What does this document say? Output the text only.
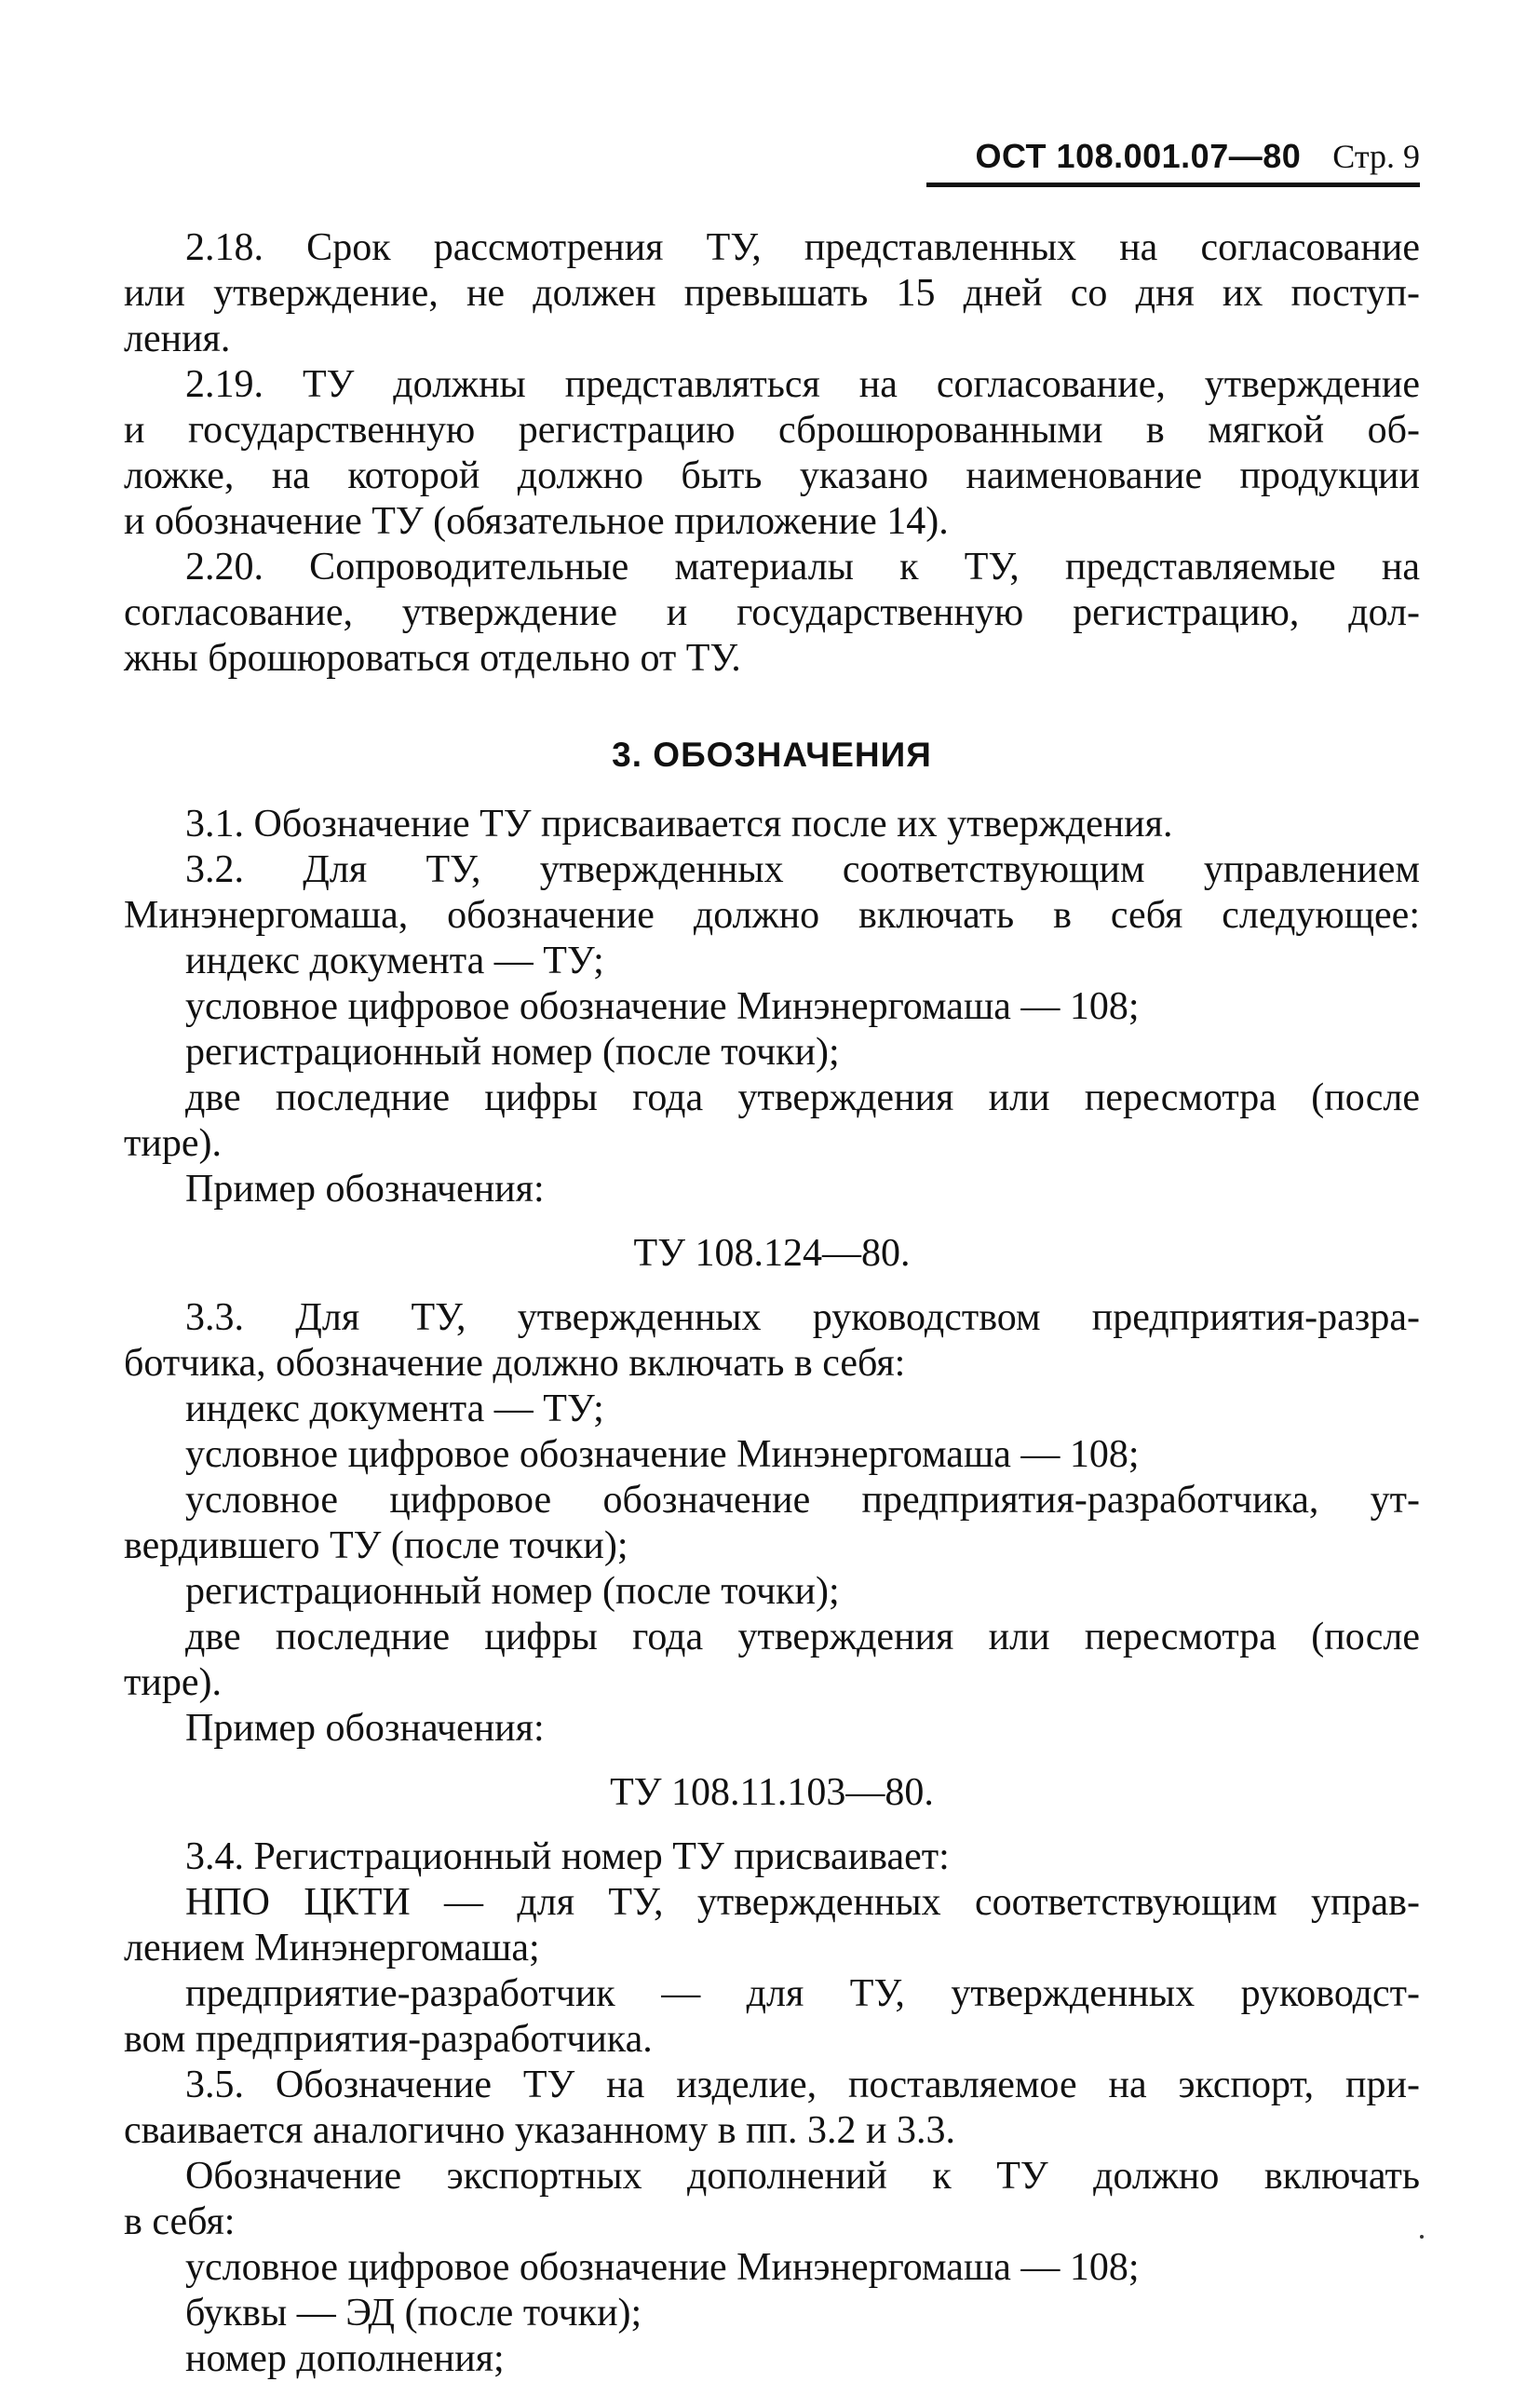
ОСТ 108.001.07—80 Стр. 9
2.18. Срок рассмотрения ТУ, представленных на согласование
или утверждение, не должен превышать 15 дней со дня их поступ-
ления.
2.19. ТУ должны представляться на согласование, утверждение
и государственную регистрацию сброшюрованными в мягкой об-
ложке, на которой должно быть указано наименование продукции
и обозначение ТУ (обязательное приложение 14).
2.20. Сопроводительные материалы к ТУ, представляемые на
согласование, утверждение и государственную регистрацию, дол-
жны брошюроваться отдельно от ТУ.
3. ОБОЗНАЧЕНИЯ
3.1. Обозначение ТУ присваивается после их утверждения.
3.2. Для ТУ, утвержденных соответствующим управлением
Минэнергомаша, обозначение должно включать в себя следующее:
индекс документа — ТУ;
условное цифровое обозначение Минэнергомаша — 108;
регистрационный номер (после точки);
две последние цифры года утверждения или пересмотра (после
тире).
Пример обозначения:
ТУ 108.124—80.
3.3. Для ТУ, утвержденных руководством предприятия-разра-
ботчика, обозначение должно включать в себя:
индекс документа — ТУ;
условное цифровое обозначение Минэнергомаша — 108;
условное цифровое обозначение предприятия-разработчика, ут-
вердившего ТУ (после точки);
регистрационный номер (после точки);
две последние цифры года утверждения или пересмотра (после
тире).
Пример обозначения:
ТУ 108.11.103—80.
3.4. Регистрационный номер ТУ присваивает:
НПО ЦКТИ — для ТУ, утвержденных соответствующим управ-
лением Минэнергомаша;
предприятие-разработчик — для ТУ, утвержденных руководст-
вом предприятия-разработчика.
3.5. Обозначение ТУ на изделие, поставляемое на экспорт, при-
сваивается аналогично указанному в пп. 3.2 и 3.3.
Обозначение экспортных дополнений к ТУ должно включать
в себя:
условное цифровое обозначение Минэнергомаша — 108;
буквы — ЭД (после точки);
номер дополнения;
